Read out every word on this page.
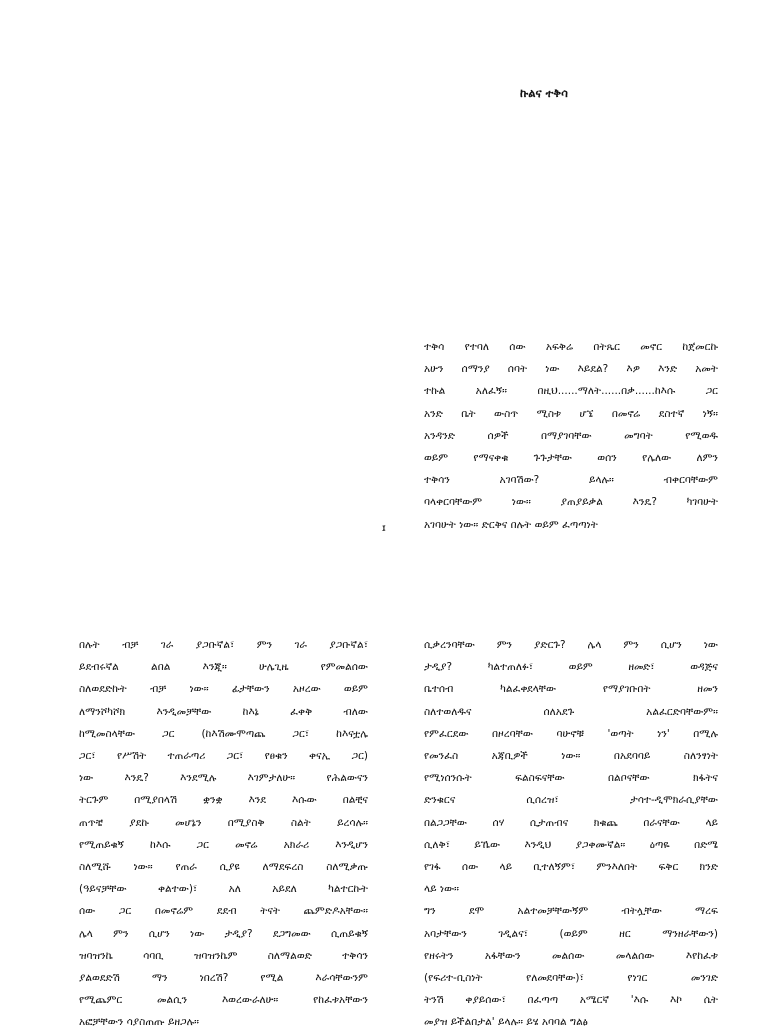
ኩልና ተቅሳ
ተቅሳ የተባለ ሰው አፍቅሬ በትጼር መኖር ከጀመርኩ
አሁን ሰማንያ ሰባት ነው እይደል? እዎ እንድ አመት
ተኩል አለፈኝ። በዚህ......ማለት......በቃ......ከእሱ ጋር
አንድ ቤት ውስጥ ሚስቱ ሆኜ በመኖሬ ደስተኛ ነኝ።
አንዳንድ ሰዎች በማያገባቸው መግባት የሚወዱ
ወይም የማናቀቁ ጉጉታቸው ወሰን የሌለው ለምን
ተቅሳን አገባሽው? ይላሉ። ብቀርባቸውም
ባላቀርባቸውም ነው። ያጠያይቃል እንዴ? ካገባሁት
አገባሁት ነው። ድርቅና በሉት ወይም ፈጣጣነት
፤
በሉት ብቻ ገራ ያጋቡኛል፣ ምን ገራ ያጋቡኛል፣
ይደብሩኛል ልበል እንጂ። ሁሌጊዜ የምመልሰው
ስለወደድኩት ብቻ ነው። ፊታቸውን አዞረው ወይም
ለማንሾካሾክ እንዲመቻቸው ከእኔ ፈቀቅ ብለው
ከሚመስላቸው ጋር (ከእሽሙሞጣጨ ጋር፣ ከእናቷሌ
ጋር፣ የሥሽት ተጠራጣሪ ጋር፣ የፀቁን ቀናኢ ጋር)
ነው እንዴ? እንደሚሉ እገምታለሁ። የሕልውናን
ትርጉም በሚያበላሽ ቋንቋ እንደ እሱው በልቺና
ጠጥቼ ያደኩ መሆኔን በሚያስቅ ስልት ይረሳሉ።
የሚጠይቁኝ ከእሱ ጋር መኖሬ አክራሪ እንዲሆን
ስለሚሹ ነው። የጠራ ሲያዩ ለማደፍረስ ስለሚቃጡ
(ዓይናቻቸው ቀልተው)፣ አለ አይደለ ካልተርኩት
ሰው ጋር በመኖሬም ደደብ ትናት ጨምድዶአቸው።
ሌላ ምን ሲሆን ነው ታዲያ? ደጋግመው ሲጠይቁኝ
ዝባዝንኬ ሳባቢ ዝባዝንኬም ስለማልወድ ተቅሳን
ያልወደድሽ ማን ነበረሽ? የሚል እራሳቸውንም
የሚጨምር መልሲን እወረውራለሁ። የከፈቱአቸውን
አፎቻቸውን ሳያስጠጡ ይዘጋሉ።
ሲቃረንባቸው ምን ያድርጉ? ሌላ ምን ሲሆን ነው
ታዲያ? ካልተጠለፉ፣ ወይም ዘመድ፣ ወዳጅና
ቤተሰብ ካልፈቀደላቸው የማያገቡበት ዘመን
ስለተወለዱና ሰለአደጉ አልፈርድባቸውም።
የምፈርደው በዞረባቸው ባሁኖቹ 'ወጣት ነን' በሚሉ
የመንፈስ አጃቢዎች ነው። በአደባባይ ስለንፃነት
የሚነሰንሱት ፍልስፍናቸው በልቦናቸው ክፋትና
ድንቁርና ሲሰረዝ፣ ታሳተ-ዲሞክራሲያቸው
በልጋጋቸው ሰሃ ሲታጠብና ክቁጨ በራናቸው ላይ
ሲለቅ፣ ይኼው እንዲህ ያጋቀሙኛል። ዕጣዬ በድሜ
የገፋ ሰው ላይ ቢተለኝም፣ ምንእለበት ፍቅር ክንድ
ላይ ነው።
ግን ደሞ አልተመቻቸውኝም ብትሏቸው ማረፍ
አባታቸውን ገዲልና፣ (ወይም ዘር ማንዘራቸውን)
የዘሩትን አፋቸውን መልሰው መላልሰው እየከፈቱ
(የፍሪተ-ቢስነት የለመደባቸው)፣ የነገር መንገድ
ትንሽ ቀያይሰው፣ በፈጣጣ አሜርኛ 'እሱ እኮ ሴት
መያዝ ይችልበታል' ይላሉ። ይሄ አባባል ግልፅ
